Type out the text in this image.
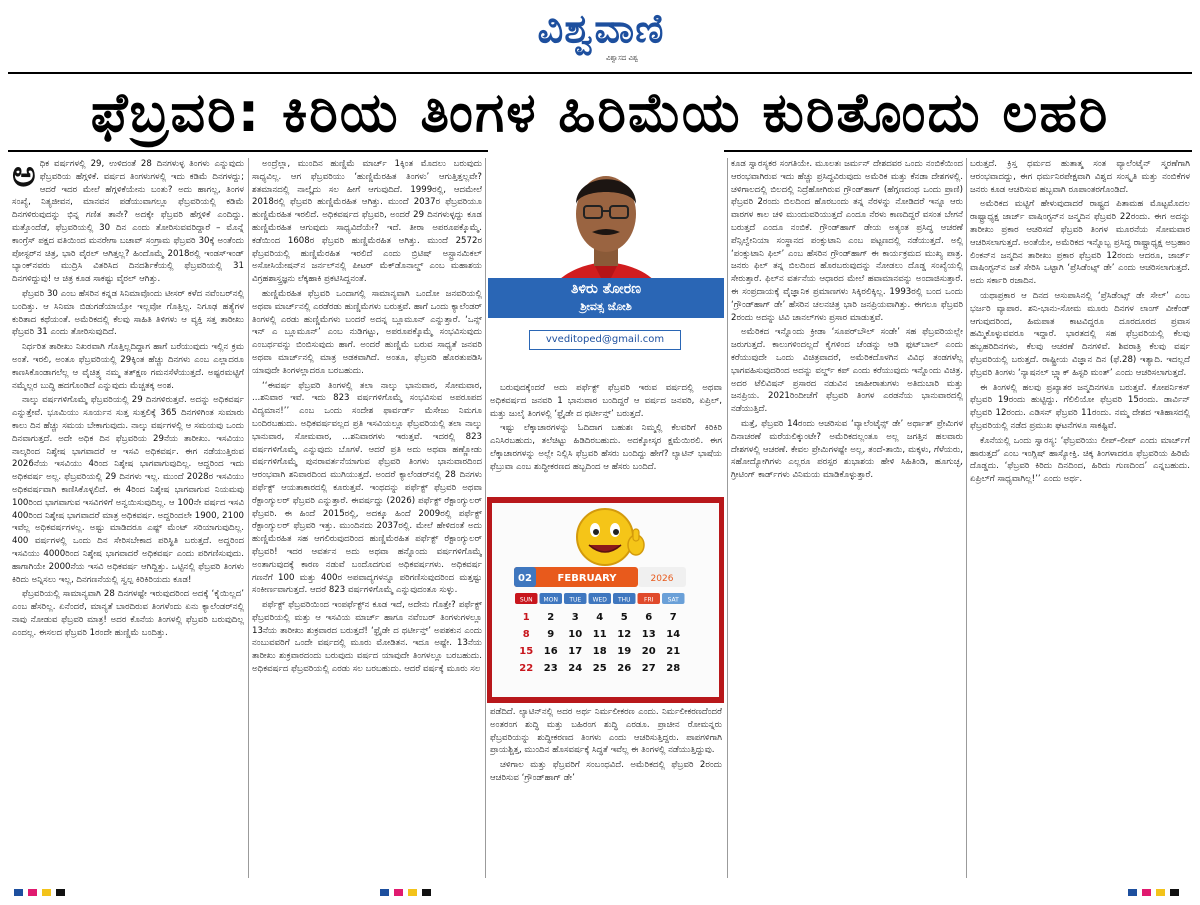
ವಿಶ್ವವಾಣಿ
ವಿಶ್ವಾಸದ ವಿಶ್ವ
ಫೆಬ್ರವರಿ: ಕಿರಿಯ ತಿಂಗಳ ಹಿರಿಮೆಯ ಕುರಿತೊಂದು ಲಹರಿ
ಅ ಧಿಕ ವರ್ಷಗಳಲ್ಲಿ 29, ಉಳಿದಂತೆ 28 ದಿನಗಳುಳ್ಳ ತಿಂಗಳು ಎನ್ನುವುದು ಫೆಬ್ರವರಿಯ ಹೆಗ್ಗಳಿಕೆ. ವರ್ಷದ ತಿಂಗಳುಗಳಲ್ಲಿ ಇದು ಕಡಿಮೆ ದಿನಗಳದ್ದು; ಆದರೆ ಇದರ ಮೇಲೆ ಹೆಗ್ಗಳಿಕೆಯೇನು ಬಂತು? ಅದು ಹಾಗಲ್ಲ, ತಿಂಗಳ ಸಂಖ್ಯೆ, ನಿತ್ಯಜೀವನ, ಮಾನವನ ಪಡೆಯುವಾಗಲ್ಲೂ ಫೆಬ್ರವರಿಯಲ್ಲಿ ಕಡಿಮೆ ದಿನಗಳಿರುವುದನ್ನು ಭಿನ್ನ ಗಣಿತ ತಾನೇ? ಅದಕ್ಕೇ ಫೆಬ್ರವರಿ ಹೆಗ್ಗಳಿಕೆ ಎಂದಿದ್ದು. ಮತ್ತೊಂದೆಡೆ, ಫೆಬ್ರವರಿಯಲ್ಲಿ 30 ದಿನ ಎಂದು ತೋರಿಸುವವರಿದ್ದಾರೆ – ಮೊನ್ನೆ ಕಾಂಗ್ರೆಸ್ ಪಕ್ಷದ ವತಿಯಿಂದ ಮನರೇಗಾ ಬಚಾವ್ ಸಂಗ್ರಾಮ ಫೆಬ್ರವರಿ 30ಕ್ಕೆ ಅಂತೆಂದು ಪೋಸ್ಟರ್‌ನ ಚಿತ್ರ, ಭಾರಿ ವೈರಲ್ ಆಗಿತ್ತಲ್ಲ? ಹಿಂದೊಮ್ಮೆ 2018ರಲ್ಲಿ ಇಂಡಸ್‌ಇಂಡ್ ಬ್ಯಾಂಕ್‌ನವರು ಮುದ್ರಿಸಿ ವಿತರಿಸಿದ ದಿನದರ್ಶಿಕೆಯಲ್ಲಿ ಫೆಬ್ರವರಿಯಲ್ಲಿ 31 ದಿನಗಳಿದ್ದುವು! ಆ ಚಿತ್ರ ಕೂಡ ಸಾಕಷ್ಟು ವೈರಲ್ ಆಗಿತ್ತು.

ಫೆಬ್ರವರಿ 30 ಎಂಬ ಹೆಸರಿನ ಕನ್ನಡ ಸಿನಿಮಾವೊಂದು ಟೀಸರ್ ಕಳೆದ ನವೆಂಬರ್‌ನಲ್ಲಿ ಬಂದಿತ್ತು. ಆ ಸಿನಿಮಾ ಬಿಡುಗಡೆಯಾಯ್ತೋ ಇಲ್ಲವೋ ಗೊತ್ತಿಲ್ಲ. ನಿಗೂಢ ಹತ್ಯೆಗಳ ಕುರಿತಾದ ಕಥೆಯಂತೆ. ಅಮೆರಿಕದಲ್ಲಿ ಕೆಲವು ಸಾಹಿತಿ ತಿಳಿಗಳು ಆ ವ್ಯಕ್ತಿ ಸತ್ತ ತಾರೀಖು ಫೆಬ್ರವರಿ 31 ಎಂದು ತೋರಿಸುವುದಿದೆ.

ನಿರ್ಧರಿತ ತಾರೀಖು ನಿಖರವಾಗಿ ಗೊತ್ತಿಲ್ಲದಿದ್ದಾಗ ಹಾಗೆ ಬರೆಯುವುದು ಇಲ್ಲಿನ ಕ್ರಮ ಅಂತೆ. ಇರಲಿ, ಅಂತೂ ಫೆಬ್ರವರಿಯಲ್ಲಿ 29ಕ್ಕಿಂತ ಹೆಚ್ಚು ದಿನಗಳು ಎಂಬ ಎಲ್ಲಾದರೂ ಕಾಣಸಿಕೊಂಡಾಗಲೆಲ್ಲ ಆ ವೈಚಿತ್ರ್ಯ ನಮ್ಮ ತತ್‌ಕ್ಷಣ ಗಮನಸೆಳೆಯುತ್ತದೆ. ಅಷ್ಟರಮಟ್ಟಿಗೆ ನಮ್ಮೆಲ್ಲರ ಬುದ್ಧಿ ಹದಗೊಂಡಿದೆ ಎನ್ನುವುದು ಮೆಚ್ಚತಕ್ಕ ಅಂಶ.

ನಾಲ್ಕು ವರ್ಷಗಳಿಗೊಮ್ಮೆ ಫೆಬ್ರವರಿಯಲ್ಲಿ 29 ದಿನಗಳಿರುತ್ತವೆ. ಅದನ್ನು ಅಧಿಕವರ್ಷ ಎನ್ನುತ್ತೇವೆ. ಭೂಮಿಯು ಸೂರ್ಯನ ಸುತ್ತ ಸುತ್ತಲಿಕ್ಕೆ 365 ದಿನಗಳಿಗಿಂತ ಸುಮಾರು ಕಾಲು ದಿನ ಹೆಚ್ಚು ಸಮಯ ಬೇಕಾಗುವುದು. ನಾಲ್ಕು ವರ್ಷಗಳಲ್ಲಿ ಆ ಸಮಯವು ಒಂದು ದಿನವಾಗುತ್ತದೆ. ಅದೇ ಅಧಿಕ ದಿನ ಫೆಬ್ರವರಿಯ 29ನೆಯ ತಾರೀಖು. ಇಸವಿಯು ನಾಲ್ಕರಿಂದ ನಿಶ್ಶೇಷ ಭಾಗವಾದರೆ ಆ ಇಸವಿ ಅಧಿಕವರ್ಷ. ಈಗ ನಡೆಯುತ್ತಿರುವ 2026ನೆಯ ಇಸವಿಯು 4ರಿಂದ ನಿಶ್ಶೇಷ ಭಾಗವಾಗುವುದಿಲ್ಲ. ಆದ್ದರಿಂದ ಇದು ಅಧಿಕವರ್ಷ ಅಲ್ಲ. ಫೆಬ್ರವರಿಯಲ್ಲಿ 29 ದಿನಗಳು ಇಲ್ಲ. ಮುಂದೆ 2028ರ ಇಸವಿಯು ಅಧಿಕವರ್ಷವಾಗಿ ಕಾಣಿಸಿಕೊಳ್ಳಲಿದೆ. ಈ 4ರಿಂದ ನಿಶ್ಶೇಷ ಭಾಗವಾಗುವ ನಿಯಮವು 100ರಿಂದ ಭಾಗವಾಗುವ ಇಸವಿಗಳಿಗೆ ಅನ್ವಯಿಸುವುದಿಲ್ಲ. ಆ 100ನೇ ವರ್ಷದ ಇಸವಿ 400ರಿಂದ ನಿಶ್ಶೇಷ ಭಾಗವಾದರೆ ಮಾತ್ರ ಅಧಿಕವರ್ಷ. ಅದ್ದರಿಂದಲೇ 1900, 2100 ಇವೆಲ್ಲ ಅಧಿಕವರ್ಷಗಳಲ್ಲ. ಅಷ್ಟು ಮಾಡಿದರೂ ಎಷ್ಟ್ ಮೆಂಟ್ ಸರಿಯಾಗುವುದಿಲ್ಲ. 400 ವರ್ಷಗಳಲ್ಲಿ ಒಂದು ದಿನ ಸೇರಿಸಬೇಕಾದ ಪರಿಸ್ಥಿತಿ ಬರುತ್ತದೆ. ಅದ್ದರಿಂದ ಇಸವಿಯು 4000ರಿಂದ ನಿಶ್ಶೇಷ ಭಾಗವಾದರೆ ಅಧಿಕವರ್ಷ ಎಂದು ಪರಿಗಣಿಸುವುದು. ಹಾಗಾಗಿಯೇ 2000ನೆಯ ಇಸವಿ ಅಧಿಕವರ್ಷ ಆಗಿದ್ದಿತ್ತು. ಒಟ್ಟಿನಲ್ಲಿ ಫೆಬ್ರವರಿ ತಿಂಗಳು ಕಿರಿದು ಅನ್ನಿಸಲು ಇಲ್ಲ, ದಿನಗಣನೆಯಲ್ಲಿ ಸ್ವಲ್ಪ ಕಿರಿಕಿರಿಯದು ಕೂಡ!

ಫೆಬ್ರವರಿಯಲ್ಲಿ ಸಾಮಾನ್ಯವಾಗಿ 28 ದಿನಗಳಷ್ಟೇ ಇರುವುದರಿಂದ ಅದಕ್ಕೆ ‘ಕೈಯಿಲ್ಲದ’ ಎಂಬ ಹೆಸರಿಲ್ಲ. ಏನೆಂದರೆ, ಮಾನ್ಯತೆ ಬಾರದಿರುವ ತಿಂಗಳೆಂದು ಏನು ಕ್ಯಾಲೆಂಡರ್‌ನಲ್ಲಿ ನಾವು ನೋಡುವ ಫೆಬ್ರವರಿ ಮಾತ್ರ! ಅದರ ಕೊನೆಯ ತಿಂಗಳಲ್ಲಿ ಫೆಬ್ರವರಿ ಬರುವುದಿಲ್ಲ ಎಂದಲ್ಲ. ಈಸಲದ ಫೆಬ್ರವರಿ 1ರಂದೇ ಹುಣ್ಣಿಮೆ ಬಂದಿತ್ತು.

ಅಂದ್ರೆಲ್ಲಾ, ಮುಂದಿನ ಹುಣ್ಣಿಮೆ ಮಾರ್ಚ್ 1ಕ್ಕಿಂತ ಮೊದಲು ಬರುವುದು ಸಾಧ್ಯವಿಲ್ಲ. ಆಗ ಫೆಬ್ರವರಿಯು ‘ಹುಣ್ಣಿಮೆರಹಿತ ತಿಂಗಳು’ ಆಗುತ್ತಿತ್ತಲ್ಲವೇ? ಶತಮಾನದಲ್ಲಿ ನಾಲ್ಕೈದು ಸಲ ಹೀಗೆ ಆಗುವುದಿದೆ. 1999ರಲ್ಲಿ, ಆದಮೇಲೆ 2018ರಲ್ಲಿ ಫೆಬ್ರವರಿ ಹುಣ್ಣಿಮೆರಹಿತ ಆಗಿತ್ತು. ಮುಂದೆ 2037ರ ಫೆಬ್ರವರಿಯೂ ಹುಣ್ಣಿಮೆರಹಿತ ಇರಲಿದೆ. ಅಧಿಕವರ್ಷದ ಫೆಬ್ರವರಿ, ಅಂದರೆ 29 ದಿನಗಳುಳ್ಳದ್ದು ಕೂಡ ಹುಣ್ಣಿಮೆರಹಿತ ಆಗುವುದು ಸಾಧ್ಯವಿದೆಯೇ? ಇದೆ. ತೀರಾ ಅಪರೂಪಕ್ಕೊಮ್ಮೆ. ಕಡೆಯಿಂದ 1608ರ ಫೆಬ್ರವರಿ ಹುಣ್ಣಿಮೆರಹಿತ ಆಗಿತ್ತು. ಮುಂದೆ 2572ರ ಫೆಬ್ರವರಿಯಲ್ಲಿ ಹುಣ್ಣಿಮೆರಹಿತ ಇರಲಿದೆ ಎಂದು ಬ್ರಿಟಿಷ್ ಅಸ್ಟ್ರಾನಮಿಕಲ್ ಅಸೋಸಿಯೇಷನ್‌ನ ಜರ್ನಲ್‌ನಲ್ಲಿ ಪೀಟರ್ ಮೆಕ್‌ಡೊನಾಲ್ಡ್ ಎಂಬ ಮಹಾಶಯ ವಿಗ್ರಹಶಾಸ್ತ್ರಜ್ಞನು ಲೆಕ್ಕಹಾಕಿ ಪ್ರಕಟಿಸಿದ್ದನಂತೆ.

ಹುಣ್ಣಿಮೆರಹಿತ ಫೆಬ್ರವರಿ ಒಂದಾಗಲ್ಲಿ ಸಾಮಾನ್ಯವಾಗಿ ಒಂದೋ ಜನವರಿಯಲ್ಲಿ ಅಥವಾ ಮಾರ್ಚ್‌ನಲ್ಲಿ ಎರಡೆರಡು ಹುಣ್ಣಿಮೆಗಳು ಬರುತ್ತವೆ. ಹಾಗೆ ಒಂದು ಕ್ಯಾಲೆಂಡರ್ ತಿಂಗಳಲ್ಲಿ ಎರಡು ಹುಣ್ಣಿಮೆಗಳು ಬಂದರೆ ಅದನ್ನ ಬ್ಲೂಮೂನ್ ಎನ್ನುತ್ತಾರೆ. ‘ಒನ್ಸ್ ಇನ್ ಎ ಬ್ಲೂಮೂನ್’ ಎಂಬ ನುಡಿಗಟ್ಟು, ಅಪರೂಪಕ್ಕೊಮ್ಮೆ ಸಂಭವಿಸುವುದು ಎಂಬರ್ಥವನ್ನು ಬಿಂಬಿಸುವುದು ಹಾಗೆ. ಅಂದರೆ ಹುಣ್ಣಿಮೆ ಬರುವ ಸಾಧ್ಯತೆ ಜನವರಿ ಅಥವಾ ಮಾರ್ಚ್‌ನಲ್ಲಿ ಮಾತ್ರ ಅಡಕವಾಗಿದೆ. ಅಂತೂ, ಫೆಬ್ರವರಿ ಹೊರತುಪಡಿಸಿ ಯಾವುದೇ ತಿಂಗಳಲ್ಲಾದರೂ ಬರಬಹುದು.

‘‘ಈವರ್ಷ ಫೆಬ್ರವರಿ ತಿಂಗಳಲ್ಲಿ ತಲಾ ನಾಲ್ಕು ಭಾನುವಾರ, ಸೋಮವಾರ, ...ಶನಿವಾರ ಇವೆ. ಇದು 823 ವರ್ಷಗಳಿಗೊಮ್ಮೆ ಸಂಭವಿಸುವ ಅಪರೂಪದ ವಿದ್ಯಮಾನ!’’ ಎಂಬ ಒಂದು ಸಂದೇಶ ಫಾರ್ವರ್ಡ್ ಮೆಸೇಜು ನಿಮಗೂ ಬಂದಿರಬಹುದು. ಅಧಿಕವರ್ಷವಲ್ಲದ ಪ್ರತಿ ಇಸವಿಯಲ್ಲೂ ಫೆಬ್ರವರಿಯಲ್ಲಿ ತಲಾ ನಾಲ್ಕು ಭಾನುವಾರ, ಸೋಮವಾರ, ...ಶನಿವಾರಗಳು ಇರುತ್ತವೆ. ಇದರಲ್ಲಿ 823 ವರ್ಷಗಳಿಗೊಮ್ಮೆ ಎನ್ನುವುದು ಬೊಗಳೆ. ಆದರೆ ಪ್ರತಿ ಅದು ಅಥವಾ ಹಣ್ಣೋಡು ವರ್ಷಗಳಿಗೊಮ್ಮೆ ಪುನರಾವರ್ತನೆಯಾಗುವ ಫೆಬ್ರವರಿ ತಿಂಗಳು ಭಾನುವಾರದಿಂದ ಆರಂಭವಾಗಿ ಶನಿವಾರದಿಂದ ಮುಗಿಯುತ್ತದೆ. ಅಂದರೆ ಕ್ಯಾಲೆಂಡರ್‌ನಲ್ಲಿ 28 ದಿನಗಳು ಪರ್ಫೆಕ್ಟ್ ಆಯತಾಕಾರದಲ್ಲಿ ಕೂರುತ್ತವೆ. ಇಂಥದನ್ನು ಪರ್ಫೆಕ್ಟ್ ಫೆಬ್ರವರಿ ಅಥವಾ ರೆಕ್ಟಾಂಗ್ಯುಲರ್ ಫೆಬ್ರವರಿ ಎನ್ನುತ್ತಾರೆ. ಈವರ್ಷದ್ದು (2026) ಪರ್ಫೆಕ್ಟ್ ರೆಕ್ಟಾಂಗ್ಯುಲರ್ ಫೆಬ್ರವರಿ. ಈ ಹಿಂದೆ 2015ರಲ್ಲಿ, ಅದಕ್ಕೂ ಹಿಂದೆ 2009ರಲ್ಲಿ ಪರ್ಫೆಕ್ಟ್ ರೆಕ್ಟಾಂಗ್ಯುಲರ್ ಫೆಬ್ರವರಿ ಇತ್ತು. ಮುಂದಿನದು 2037ರಲ್ಲಿ. ಮೇಲೆ ಹೇಳಿದಂತೆ ಅದು ಹುಣ್ಣಿಮೆರಹಿತ ಸಹ ಆಗಲಿರುವುದರಿಂದ ಹುಣ್ಣಿಮೆರಹಿತ ಪರ್ಫೆಕ್ಟ್ ರೆಕ್ಟಾಂಗ್ಯುಲರ್ ಫೆಬ್ರವರಿ! ಇದರ ಆವರ್ತನ ಅದು ಅಥವಾ ಹನ್ನೊಂದು ವರ್ಷಗಳಿಗೊಮ್ಮೆ ಅಂತಾಗುವುದಕ್ಕೆ ಕಾರಣ ನಡುವೆ ಬಂದೊದಗುವ ಅಧಿಕವರ್ಷಗಳು. ಅಧಿಕವರ್ಷ ಗಣನೆಗೆ 100 ಮತ್ತು 400ರ ಅಪವಾದ್ಯಗಳನ್ನೂ ಪರಿಗಣಿಸುವುದರಿಂದ ಮತ್ತಷ್ಟು ಸಂಕೀರ್ಣವಾಗುತ್ತದೆ. ಆದರೆ 823 ವರ್ಷಗಳಿಗೊಮ್ಮೆ ಎನ್ನುವುದಂತೂ ಸುಳ್ಳು.

ಪರ್ಫೆಕ್ಟ್ ಫೆಬ್ರವರಿಯಿಂದ ಇಂಪರ್ಫೆಕ್ಟ್‌ನ ಕೂಡ ಇದೆ, ಅದೇನು ಗೊತ್ತೇ? ಪರ್ಫೆಕ್ಟ್ ಫೆಬ್ರವರಿಯಲ್ಲಿ ಮತ್ತು ಆ ಇಸವಿಯ ಮಾರ್ಚ್ ಹಾಗೂ ನವೆಂಬರ್ ತಿಂಗಳುಗಳಲ್ಲೂ 13ನೆಯ ತಾರೀಖು ಶುಕ್ರವಾರದ ಬರುತ್ತದೆ! ‘ಫ್ರೈಡೇ ದ ಥರ್ಟೀನ್ತ್’ ಅಪಶಕುನ ಎಂದು ನಂಬುವವರಿಗೆ ಒಂದೇ ವರ್ಷದಲ್ಲಿ ಮೂರು ಮೋಡಿತನ. ಇದೂ ಅಷ್ಟೇ. 13ನೆಯ ತಾರೀಖು ಶುಕ್ರವಾರದಂದು ಬರುವುದು ವರ್ಷದ ಯಾವುದೇ ತಿಂಗಳಲ್ಲೂ ಬರಬಹುದು. ಅಧಿಕವರ್ಷದ ಫೆಬ್ರವರಿಯಲ್ಲಿ ಎರಡು ಸಲ ಬರಬಹುದು. ಆದರೆ ವರ್ಷಕ್ಕೆ ಮೂರು ಸಲ

ತಿಳಿರು ತೋರಣ
ಶ್ರೀವತ್ಸ ಜೋಶಿ
vveditoped@gmail.com

ಬರುವುದಕ್ಕೆಂದರೆ ಅದು ಪರ್ಫೆಕ್ಟ್ ಫೆಬ್ರವರಿ ಇರುವ ವರ್ಷದಲ್ಲಿ ಅಥವಾ ಅಧಿಕವರ್ಷದ ಜನವರಿ 1 ಭಾನುವಾರ ಬಂದಿದ್ದರೆ ಆ ವರ್ಷದ ಜನವರಿ, ಏಪ್ರಿಲ್, ಮತ್ತು ಜುಲೈ ತಿಂಗಳಲ್ಲಿ ‘ಫ್ರೈಡೇ ದ ಥರ್ಟೀನ್ತ್’ ಬರುತ್ತದೆ.

ಇಷ್ಟು ಲೆಕ್ಕಾಚಾರಗಳನ್ನು ಓದಿದಾಗ ಬಹುಶಃ ನಿಮ್ಮಲ್ಲಿ ಕೆಲವರಿಗೆ ಕಿರಿಕಿರಿ ಎನಿಸಿರಬಹುದು, ತಲೆಚಿಟ್ಟು ಹಿಡಿದಿರಬಹುದು. ಅದಕ್ಕೋಸ್ಕರ ಕ್ಷಮೆಯಿರಲಿ. ಈಗ ಲೆಕ್ಕಾಚಾರಗಳನ್ನು ಅಲ್ಲೇ ನಿಲ್ಲಿಸಿ ಫೆಬ್ರವರಿ ಹೆಸರು ಬಂದಿದ್ದು ಹೇಗೆ? ಲ್ಯಾಟಿನ್ ಭಾಷೆಯ ಫೆಬ್ರುವಾ ಎಂಬ ಶುದ್ಧೀಕರಣದ ಹಬ್ಬದಿಂದ ಆ ಹೆಸರು ಬಂದಿದೆ.

02	FEBRUARY	2026
SUN MON TUE WED THU FRI SAT
1 2 3 4 5 6 7
8 9 10 11 12 13 14
15 16 17 18 19 20 21
22 23 24 25 26 27 28

ಪಡೆದಿದೆ. ಲ್ಯಾಟಿನ್‌ನಲ್ಲಿ ಅದರ ಅರ್ಥ ನಿರ್ಮಲೀಕರಣ ಎಂದು. ನಿರ್ಮಲೀಕರಣದೆಂದರೆ ಅಂತರಂಗ ಶುದ್ಧಿ ಮತ್ತು ಬಹಿರಂಗ ಶುದ್ಧಿ ಎರಡೂ. ಪ್ರಾಚೀನ ರೋಮನ್ನರು ಫೆಬ್ರವರಿಯನ್ನು ಶುದ್ಧೀಕರಣದ ತಿಂಗಳು ಎಂದು ಆಚರಿಸುತ್ತಿದ್ದರು. ಪಾಪಗಳಿಗಾಗಿ ಪ್ರಾಯಶ್ಚಿತ್ತ, ಮುಂದಿನ ಹೊಸವರ್ಷಕ್ಕೆ ಸಿದ್ಧತೆ ಇವೆಲ್ಲ ಈ ತಿಂಗಳಲ್ಲಿ ನಡೆಯುತ್ತಿದ್ದುವು.

ಚಳಿಗಾಲ ಮತ್ತು ಫೆಬ್ರವರಿಗೆ ಸಂಬಂಧವಿದೆ. ಅಮೆರಿಕದಲ್ಲಿ ಫೆಬ್ರವರಿ 2ರಂದು ಆಚರಿಸುವ ‘ಗ್ರೌಂಡ್‌ಹಾಗ್ ಡೇ’

ಕೂಡ ಸ್ವಾರಸ್ಯಕರ ಸಂಗತಿಯೇ. ಮೂಲತಃ ಜರ್ಮನ್ ದೇಶದವರ ಒಂದು ನಂಬಿಕೆಯಿಂದ ಆರಂಭವಾಗಿರುವ ಇದು ಹೆಚ್ಚು ಪ್ರಸಿದ್ಧವಿರುವುದು ಅಮೆರಿಕ ಮತ್ತು ಕೆನಡಾ ದೇಶಗಳಲ್ಲಿ. ಚಳಿಗಾಲದಲ್ಲಿ ಬಿಲದಲ್ಲಿ ನಿದ್ರೆಹೋಗಿರುವ ಗ್ರೌಂಡ್‌ಹಾಗ್ (ಹೆಗ್ಗಣದಂಥ ಒಂದು ಪ್ರಾಣಿ) ಫೆಬ್ರವರಿ 2ರಂದು ಬಿಲದಿಂದ ಹೊರಬಂದು ತನ್ನ ನೆರಳನ್ನು ನೋಡಿದರೆ ಇನ್ನೂ ಆರು ವಾರಗಳ ಕಾಲ ಚಳಿ ಮುಂದುವರಿಯುತ್ತದೆ ಎಂದೂ ನೆರಳು ಕಾಣದಿದ್ದರೆ ವಸಂತ ಬೇಗನೆ ಬರುತ್ತದೆ ಎಂದೂ ನಂಬಿಕೆ. ಗ್ರೌಂಡ್‌ಹಾಗ್ ಡೇಯ ಅತ್ಯಂತ ಪ್ರಸಿದ್ಧ ಆಚರಣೆ ಪೆನ್ಸಿಲ್ವೇನಿಯಾ ಸಂಸ್ಥಾನದ ಪಂಕ್ಸುಟಾನಿ ಎಂಬ ಪಟ್ಟಣದಲ್ಲಿ ನಡೆಯುತ್ತದೆ. ಅಲ್ಲಿ ‘ಪಂಕ್ಸುಟಾನಿ ಫಿಲ್’ ಎಂಬ ಹೆಸರಿನ ಗ್ರೌಂಡ್‌ಹಾಗ್ ಈ ಕಾರ್ಯಕ್ರಮದ ಮುಖ್ಯ ಪಾತ್ರ. ಜನರು ಫಿಲ್ ತನ್ನ ಬಿಲದಿಂದ ಹೊರಬರುವುದನ್ನು ನೋಡಲು ದೊಡ್ಡ ಸಂಖ್ಯೆಯಲ್ಲಿ ಸೇರುತ್ತಾರೆ. ಫಿಲ್‌ನ ವರ್ತನೆಯ ಆಧಾರದ ಮೇಲೆ ಹವಾಮಾನವನ್ನು ಅಂದಾಜಿಸುತ್ತಾರೆ. ಈ ಸಂಪ್ರದಾಯಕ್ಕೆ ವೈಜ್ಞಾನಿಕ ಪ್ರಮಾಣಗಳು ಸಿಕ್ಕಿರಲಿಕ್ಕಿಲ್ಲ. 1993ರಲ್ಲಿ ಬಂದ ಒಂದು ‘ಗ್ರೌಂಡ್‌ಹಾಗ್ ಡೇ’ ಹೆಸರಿನ ಚಲನಚಿತ್ರ ಭಾರಿ ಜನಪ್ರಿಯವಾಗಿತ್ತು. ಈಗಲೂ ಫೆಬ್ರವರಿ 2ರಂದು ಅದನ್ನು ಟಿವಿ ಚಾನಲ್‌ಗಳು ಪ್ರಸಾರ ಮಾಡುತ್ತವೆ.

ಅಮೆರಿಕದ ಇನ್ನೊಂದು ಕ್ರೀಡಾ ‘ಸೂಪರ್‌ಬೌಲ್ ಸಂಡೇ’ ಸಹ ಫೆಬ್ರವರಿಯಲ್ಲೇ ಜರುಗುತ್ತದೆ. ಕಾಲುಗಳಿಂದಲ್ಲದೆ ಕೈಗಳಿಂದ ಚೆಂಡನ್ನು ಆಡಿ ಫುಟ್‌ಬಾಲ್ ಎಂದು ಕರೆಯುವುದೇ ಒಂದು ವಿಚಿತ್ರವಾದರೆ, ಅಮೆರಿಕದೊಳಗಿನ ವಿವಿಧ ತಂಡಗಳೆಲ್ಲ ಭಾಗವಹಿಸುವುದರಿಂದ ಅದನ್ನು ವರ್ಲ್ಡ್ ಕಪ್ ಎಂದು ಕರೆಯುವುದು ಇನ್ನೊಂದು ವಿಚಿತ್ರ. ಅದರ ಟೆಲಿವಿಷನ್ ಪ್ರಸಾರದ ನಡುವಿನ ಜಾಹೀರಾತುಗಳು ಅತಿದುಬಾರಿ ಮತ್ತು ಜನಪ್ರಿಯ. 2021ರಿಂದೀಚೆಗೆ ಫೆಬ್ರವರಿ ತಿಂಗಳ ಎರಡನೆಯ ಭಾನುವಾರದಲ್ಲಿ ನಡೆಯುತ್ತಿದೆ.

ಮತ್ತೆ, ಫೆಬ್ರವರಿ 14ರಂದು ಆಚರಿಸುವ ‘ವ್ಯಾಲೆಂಟೈನ್ಸ್ ಡೇ’ ಅರ್ಥಾತ್ ಪ್ರೇಮಿಗಳ ದಿನಾಚರಣೆ ಮರೆಯಲಿಕ್ಕುಂಟೇ? ಅಮೆರಿಕದಲ್ಲಂತೂ ಅಲ್ಲ ಜಗತ್ತಿನ ಹಲವಾರು ದೇಶಗಳಲ್ಲಿ ಆಚರಣೆ. ಕೇವಲ ಪ್ರೇಮಿಗಳಷ್ಟೇ ಅಲ್ಲ, ತಂದೆ-ತಾಯಿ, ಮಕ್ಕಳು, ಗೆಳೆಯರು, ಸಹೋದ್ಯೋಗಿಗಳು ಎಲ್ಲರೂ ಪರಸ್ಪರ ಶುಭಾಶಯ ಹೇಳಿ ಸಿಹಿತಿಂಡಿ, ಹೂಗುಚ್ಛ, ಗ್ರೀಟಿಂಗ್ ಕಾರ್ಡ್‌ಗಳು ವಿನಿಮಯ ಮಾಡಿಕೊಳ್ಳುತ್ತಾರೆ.

ಬರುತ್ತದೆ. ಕ್ರಿಸ್ತ ಧರ್ಮದ ಹುತಾತ್ಮ ಸಂತ ವ್ಯಾಲೆಂಟೈನ್ ಸ್ಮರಣೆಗಾಗಿ ಆರಂಭವಾದದ್ದು, ಈಗ ಧರ್ಮನಿರಪೇಕ್ಷವಾಗಿ ವಿಶ್ವದ ಸಂಸ್ಕೃತಿ ಮತ್ತು ನಂಬಿಕೆಗಳ ಜನರು ಕೂಡ ಆಚರಿಸುವ ಹಬ್ಬವಾಗಿ ರೂಪಾಂತರಗೊಂಡಿದೆ.

ಅಮೆರಿಕದ ಮಟ್ಟಿಗೆ ಹೇಳುವುದಾದರೆ ರಾಷ್ಟ್ರದ ಪಿತಾಮಹ ಮೊಟ್ಟಮೊದಲ ರಾಷ್ಟ್ರಾಧ್ಯಕ್ಷ ಜಾರ್ಜ್ ವಾಷಿಂಗ್ಟನ್‌ನ ಜನ್ಮದಿನ ಫೆಬ್ರವರಿ 22ರಂದು. ಈಗ ಅದನ್ನು ತಾರೀಖು ಪ್ರಕಾರ ಆಚರಿಸದೆ ಫೆಬ್ರವರಿ ತಿಂಗಳ ಮೂರನೆಯ ಸೋಮವಾರ ಆಚರಿಸಲಾಗುತ್ತದೆ. ಅಂತೆಯೇ, ಅಮೆರಿಕದ ಇನ್ನೊಬ್ಬ ಪ್ರಸಿದ್ಧ ರಾಷ್ಟ್ರಾಧ್ಯಕ್ಷ ಅಬ್ರಹಾಂ ಲಿಂಕನ್‌ನ ಜನ್ಮದಿನ ತಾರೀಖು ಪ್ರಕಾರ ಫೆಬ್ರವರಿ 12ರಂದು ಆದರೂ, ಜಾರ್ಜ್ ವಾಷಿಂಗ್ಟನ್‌ನ ಜತೆ ಸೇರಿಸಿ ಒಟ್ಟಾಗಿ ‘ಪ್ರೆಸಿಡೆಂಟ್ಸ್ ಡೇ’ ಎಂದು ಆಚರಿಸಲಾಗುತ್ತದೆ. ಅದು ಸರ್ಕಾರಿ ರಜಾದಿನ.

ಯಥಾಪ್ರಕಾರ ಆ ದಿನದ ಆಸುಪಾಸಿನಲ್ಲಿ ‘ಪ್ರೆಸಿಡೆಂಟ್ಸ್ ಡೇ ಸೇಲ್’ ಎಂಬ ಭರ್ಜರಿ ವ್ಯಾಪಾರ. ಶನಿ-ಭಾನು-ಸೋಮ ಮೂರು ದಿನಗಳ ಲಾಂಗ್ ವೀಕೆಂಡ್ ಆಗುವುದರಿಂದ, ಹಿಮಪಾತ ಕಾಟವಿದ್ದರೂ ದೂರದೂರದ ಪ್ರವಾಸ ಹಮ್ಮಿಕೊಳ್ಳುವವರೂ ಇದ್ದಾರೆ. ಭಾರತದಲ್ಲಿ ಸಹ ಫೆಬ್ರವರಿಯಲ್ಲಿ ಕೆಲವು ಹಬ್ಬಹರಿದಿನಗಳು, ಕೆಲವು ಆಚರಣೆ ದಿನಗಳಿವೆ. ಶಿವರಾತ್ರಿ ಕೆಲವು ವರ್ಷ ಫೆಬ್ರವರಿಯಲ್ಲಿ ಬರುತ್ತದೆ. ರಾಷ್ಟ್ರೀಯ ವಿಜ್ಞಾನ ದಿನ (ಫೆ.28) ಇತ್ಯಾದಿ. ಇದಲ್ಲದೆ ಫೆಬ್ರವರಿ ತಿಂಗಳು ‘ನ್ಯಾಷನಲ್ ಬ್ಲ್ಯಾಕ್ ಹಿಸ್ಟರಿ ಮಂತ್’ ಎಂದು ಆಚರಿಸಲಾಗುತ್ತದೆ.

ಈ ತಿಂಗಳಲ್ಲಿ ಹಲವು ಪ್ರಖ್ಯಾತರ ಜನ್ಮದಿನಗಳೂ ಬರುತ್ತವೆ. ಕೋಪರ್ನಿಕಸ್ ಫೆಬ್ರವರಿ 19ರಂದು ಹುಟ್ಟಿದ್ದು. ಗೆಲಿಲಿಯೋ ಫೆಬ್ರವರಿ 15ರಂದು. ಡಾರ್ವಿನ್ ಫೆಬ್ರವರಿ 12ರಂದು. ಎಡಿಸನ್ ಫೆಬ್ರವರಿ 11ರಂದು. ನಮ್ಮ ದೇಶದ ಇತಿಹಾಸದಲ್ಲಿ ಫೆಬ್ರವರಿಯಲ್ಲಿ ನಡೆದ ಪ್ರಮುಖ ಘಟನೆಗಳೂ ಸಾಕಷ್ಟಿವೆ.

ಕೊನೆಯಲ್ಲಿ ಒಂದು ಸ್ವಾರಸ್ಯ: ‘ಫೆಬ್ರವರಿಯು ಲೀಪ್-ಲೀಪ್ ಎಂದು ಮಾರ್ಚ್‌ಗೆ ಹಾರುತ್ತದೆ’ ಎಂಬ ಇಂಗ್ಲಿಷ್ ಹಾಸ್ಯೋಕ್ತಿ. ಚಿಕ್ಕ ತಿಂಗಳಾದರೂ ಫೆಬ್ರವರಿಯ ಹಿರಿಮೆ ದೊಡ್ಡದು. ‘ಫೆಬ್ರವರಿ ಕಿರಿದು ದಿನದಿಂದ, ಹಿರಿದು ಗುಣದಿಂದ’ ಎನ್ನಬಹುದು. ಏಪ್ರಿಲ್‌ಗೆ ಸಾಧ್ಯವಾಗಿಲ್ಲ!’’ ಎಂದು ಅರ್ಥ.
